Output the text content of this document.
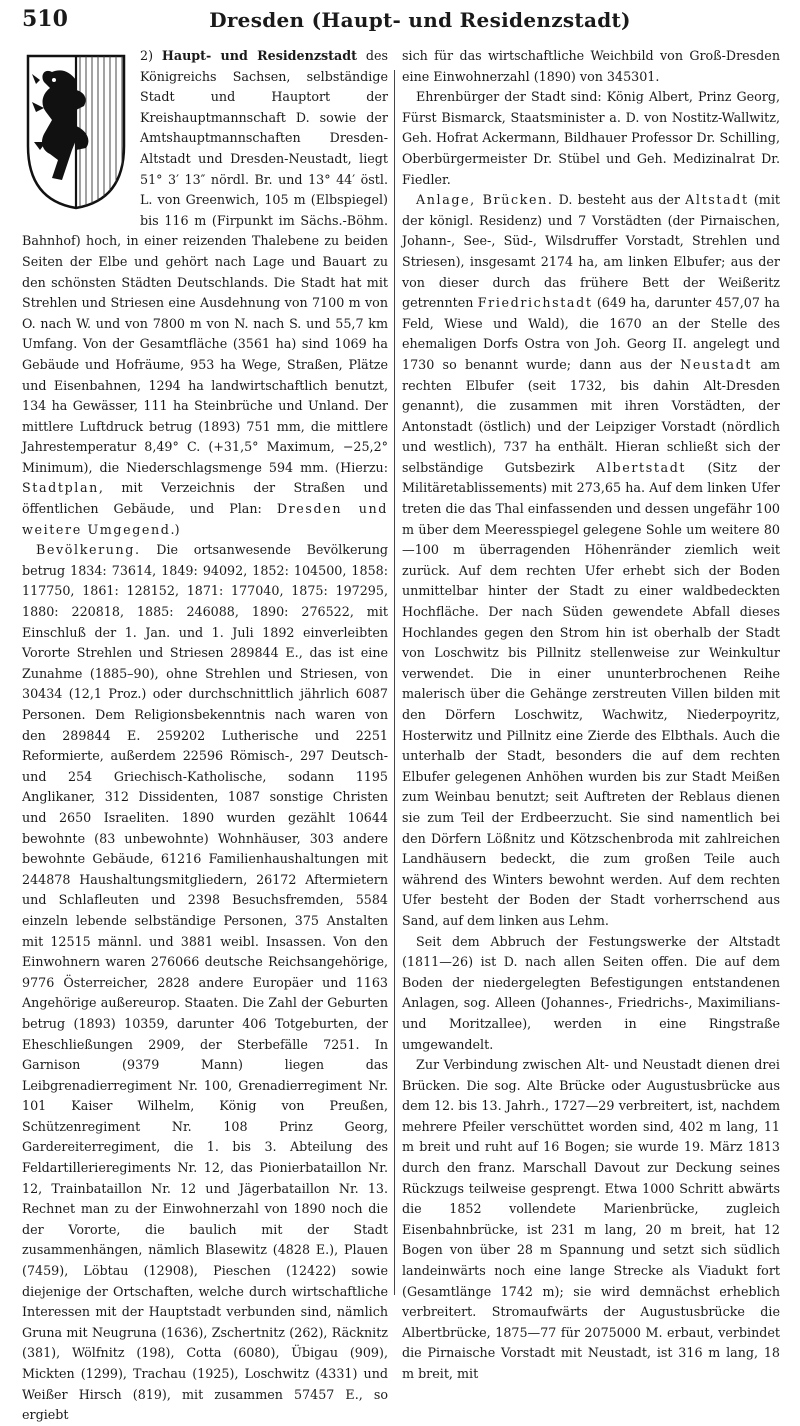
510	Dresden (Haupt- und Residenzstadt)

2) Haupt- und Residenzstadt
des Königreichs Sachsen, selbständige Stadt und Hauptort der Kreishauptmannschaft D. sowie der Amtshauptmannschaften Dresden-Altstadt und Dresden-Neustadt, liegt 51° 3′ 13″ nördl. Br. und 13° 44′ östl. L. von Greenwich, 105 m (Elbspiegel) bis 116 m (Firpunkt im Sächs.-Böhm. Bahnhof) hoch, in einer reizenden Thalebene zu beiden Seiten der Elbe und gehört nach Lage und Bauart zu den schönsten Städten Deutschlands. Die Stadt hat mit Strehlen und Striesen eine Ausdehnung von 7100 m von O. nach W. und von 7800 m von N. nach S. und 55,7 km Umfang. Von der Gesamtfläche (3561 ha) sind 1069 ha Gebäude und Hofräume, 953 ha Wege, Straßen, Plätze und Eisenbahnen, 1294 ha landwirtschaftlich benutzt, 134 ha Gewässer, 111 ha Steinbrüche und Unland. Der mittlere Luftdruck betrug (1893) 751 mm, die mittlere Jahrestemperatur 8,49° C. (+31,5° Maximum, −25,2° Minimum), die Niederschlagsmenge 594 mm. (Hierzu: Stadtplan, mit Verzeichnis der Straßen und öffentlichen Gebäude, und Plan: Dresden und weitere Umgegend.)

Bevölkerung. Die ortsanwesende Bevölkerung betrug 1834: 73614, 1849: 94092, 1852: 104500, 1858: 117750, 1861: 128152, 1871: 177040, 1875: 197295, 1880: 220818, 1885: 246088, 1890: 276522, mit Einschluß der 1. Jan. und 1. Juli 1892 einverleibten Vororte Strehlen und Striesen 289844 E., das ist eine Zunahme (1885–90), ohne Strehlen und Striesen, von 30434 (12,1 Proz.) oder durchschnittlich jährlich 6087 Personen. Dem Religionsbekenntnis nach waren von den 289844 E. 259202 Lutherische und 2251 Reformierte, außerdem 22596 Römisch-, 297 Deutsch- und 254 Griechisch-Katholische, sodann 1195 Anglikaner, 312 Dissidenten, 1087 sonstige Christen und 2650 Israeliten. 1890 wurden gezählt 10644 bewohnte (83 unbewohnte) Wohnhäuser, 303 andere bewohnte Gebäude, 61216 Familienhaushaltungen mit 244878 Haushaltungsmitgliedern, 26172 Aftermietern und Schlafleuten und 2398 Besuchsfremden, 5584 einzeln lebende selbständige Personen, 375 Anstalten mit 12515 männl. und 3881 weibl. Insassen. Von den Einwohnern waren 276066 deutsche Reichsangehörige, 9776 Österreicher, 2828 andere Europäer und 1163 Angehörige außereurop. Staaten. Die Zahl der Geburten betrug (1893) 10359, darunter 406 Totgeburten, der Eheschließungen 2909, der Sterbefälle 7251. In Garnison (9379 Mann) liegen das Leibgrenadierregiment Nr. 100, Grenadierregiment Nr. 101 Kaiser Wilhelm, König von Preußen, Schützenregiment Nr. 108 Prinz Georg, Gardereiterregiment, die 1. bis 3. Abteilung des Feldartillerieregiments Nr. 12, das Pionierbataillon Nr. 12, Trainbataillon Nr. 12 und Jägerbataillon Nr. 13. Rechnet man zu der Einwohnerzahl von 1890 noch die der Vororte, die baulich mit der Stadt zusammenhängen, nämlich Blasewitz (4828 E.), Plauen (7459), Löbtau (12908), Pieschen (12422) sowie diejenige der Ortschaften, welche durch wirtschaftliche Interessen mit der Hauptstadt verbunden sind, nämlich Gruna mit Neugruna (1636), Zschertnitz (262), Räcknitz (381), Wölfnitz (198), Cotta (6080), Übigau (909), Mickten (1299), Trachau (1925), Loschwitz (4331) und Weißer Hirsch (819), mit zusammen 57457 E., so ergiebt

sich für das wirtschaftliche Weichbild von Groß-Dresden eine Einwohnerzahl (1890) von 345301.

Ehrenbürger der Stadt sind: König Albert, Prinz Georg, Fürst Bismarck, Staatsminister a. D. von Nostitz-Wallwitz, Geh. Hofrat Ackermann, Bildhauer Professor Dr. Schilling, Oberbürgermeister Dr. Stübel und Geh. Medizinalrat Dr. Fiedler.

Anlage, Brücken. D. besteht aus der Altstadt (mit der königl. Residenz) und 7 Vorstädten (der Pirnaischen, Johann-, See-, Süd-, Wilsdruffer Vorstadt, Strehlen und Striesen), insgesamt 2174 ha, am linken Elbufer; aus der von dieser durch das frühere Bett der Weißeritz getrennten Friedrichstadt (649 ha, darunter 457,07 ha Feld, Wiese und Wald), die 1670 an der Stelle des ehemaligen Dorfs Ostra von Joh. Georg II. angelegt und 1730 so benannt wurde; dann aus der Neustadt am rechten Elbufer (seit 1732, bis dahin Alt-Dresden genannt), die zusammen mit ihren Vorstädten, der Antonstadt (östlich) und der Leipziger Vorstadt (nördlich und westlich), 737 ha enthält. Hieran schließt sich der selbständige Gutsbezirk Albertstadt (Sitz der Militäretablissements) mit 273,65 ha. Auf dem linken Ufer treten die das Thal einfassenden und dessen ungefähr 100 m über dem Meeresspiegel gelegene Sohle um weitere 80—100 m überragenden Höhenränder ziemlich weit zurück. Auf dem rechten Ufer erhebt sich der Boden unmittelbar hinter der Stadt zu einer waldbedeckten Hochfläche. Der nach Süden gewendete Abfall dieses Hochlandes gegen den Strom hin ist oberhalb der Stadt von Loschwitz bis Pillnitz stellenweise zur Weinkultur verwendet. Die in einer ununterbrochenen Reihe malerisch über die Gehänge zerstreuten Villen bilden mit den Dörfern Loschwitz, Wachwitz, Niederpoyritz, Hosterwitz und Pillnitz eine Zierde des Elbthals. Auch die unterhalb der Stadt, besonders die auf dem rechten Elbufer gelegenen Anhöhen wurden bis zur Stadt Meißen zum Weinbau benutzt; seit Auftreten der Reblaus dienen sie zum Teil der Erdbeerzucht. Sie sind namentlich bei den Dörfern Lößnitz und Kötzschenbroda mit zahlreichen Landhäusern bedeckt, die zum großen Teile auch während des Winters bewohnt werden. Auf dem rechten Ufer besteht der Boden der Stadt vorherrschend aus Sand, auf dem linken aus Lehm.

Seit dem Abbruch der Festungswerke der Altstadt (1811—26) ist D. nach allen Seiten offen. Die auf dem Boden der niedergelegten Befestigungen entstandenen Anlagen, sog. Alleen (Johannes-, Friedrichs-, Maximilians- und Moritzallee), werden in eine Ringstraße umgewandelt.

Zur Verbindung zwischen Alt- und Neustadt dienen drei Brücken. Die sog. Alte Brücke oder Augustusbrücke aus dem 12. bis 13. Jahrh., 1727—29 verbreitert, ist, nachdem mehrere Pfeiler verschüttet worden sind, 402 m lang, 11 m breit und ruht auf 16 Bogen; sie wurde 19. März 1813 durch den franz. Marschall Davout zur Deckung seines Rückzugs teilweise gesprengt. Etwa 1000 Schritt abwärts die 1852 vollendete Marienbrücke, zugleich Eisenbahnbrücke, ist 231 m lang, 20 m breit, hat 12 Bogen von über 28 m Spannung und setzt sich südlich landeinwärts noch eine lange Strecke als Viadukt fort (Gesamtlänge 1742 m); sie wird demnächst erheblich verbreitert. Stromaufwärts der Augustusbrücke die Albertbrücke, 1875—77 für 2075000 M. erbaut, verbindet die Pirnaische Vorstadt mit Neustadt, ist 316 m lang, 18 m breit, mit
